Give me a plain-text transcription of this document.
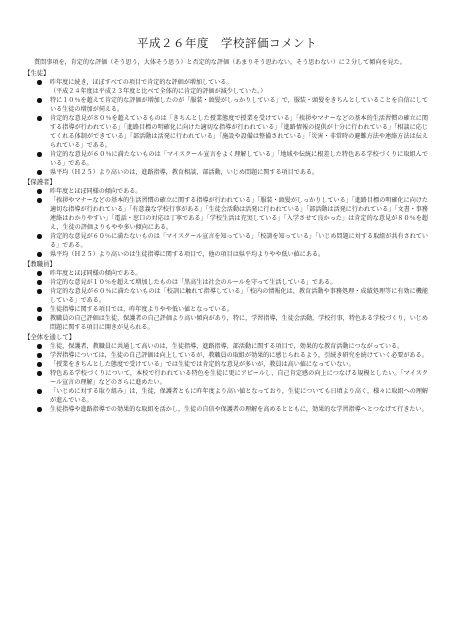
平成２６年度　学校評価コメント
質問事項を，肯定的な評価（そう思う，大体そう思う）と否定的な評価（あまりそう思わない，そう思わない）に２分して傾向を見た。
【生徒】
昨年度に続き，ほぼすべての項目で肯定的な評価が増加している。
（平成２４年度は平成２３年度と比べて全体的に肯定的評価が減少していた。）
特に１０％を超えて肯定的な評価が増加したのが「服装・頭髪がしっかりしている」で，服装・頭髪をきちんとしていることを自信にしている生徒の増加が伺える。
肯定的な意見が８０％を超えているものは「きちんとした授業態度で授業を受けている」「挨拶やマナーなどの基本的生活習慣の確立に関する指導が行われている」「進路目標の明確化に向けた適切な指導が行われている」「進路情報の提供が十分に行われている」「相談に応じてくれる体制ができている」「部活動は活発に行われている」「施設や設備は整備されている」「災害・非常時の避難方法や連絡方法は伝えられている」である。
肯定的な意見が６０％に満たないものは「マイスクール宣言をよく理解している」「地域や伝統に根差した特色ある学校づくりに取組んでいる」である。
県平均（Ｈ２５）より高いのは，進路指導，教育相談，部活動，いじめ問題に関する項目である。
【保護者】
昨年度とほぼ同様の傾向である。
「挨拶やマナーなどの基本的生活習慣の確立に関する指導が行われている」「服装・頭髪がしっかりしている」「進路目標の明確化に向けた適切な指導が行われている」「有意義な学校行事がある」「生徒会活動は活発に行われている」「部活動は活発に行われている」「文書・事務連絡はわかりやすい」「電話・窓口の対応は丁寧である」「学校生活は充実している」「入学させて良かった」は肯定的な意見が８０％を超え，生徒の評価よりもやや多い傾向にある。
肯定的な意見が６０％に満たないものは「マイスクール宣言を知っている」「校訓を知っている」「いじめ問題に対する取組が共有されている」である。
県平均（Ｈ２５）より高いのは生徒指導に関する項目で，他の項目は県平均よりやや低い値にある。
【教職員】
昨年度とほぼ同様の傾向である。
肯定的な意見が１０％を超えて増加したものは「黒高生は社会のルールを守って生活している」である。
肯定的な意見が６０％に満たないものは「校訓に触れて指導している」「校内の情報化は，教育活動や事務処理・成績処理等に有効に機能している」である。
生徒指導に関する項目では，昨年度よりやや低い値となっている。
教職員の自己評価は生徒，保護者の自己評価より高い傾向があり，特に，学習指導，生徒会活動，学校行事，特色ある学校づくり，いじめ問題に関する項目に開きが見られる。
【全体を通して】
生徒，保護者，教職員に共通して高いのは，生徒指導，進路指導，部活動に関する項目で，効果的な教育活動につながっている。
学習指導については，生徒の自己評価は向上しているが，教職員の取組が効果的に感じられるよう，引続き研究を続けていく必要がある。
「授業をきちんとした態度で受けている」では生徒では肯定的な意見が多いが，教員は高い値になっていない。
特色ある学校づくりについて，本校で行われている特色を生徒に更にアピールし，自己肯定感の向上につなげる規模としたい。「マイスクール宣言の理解」などのさらに進めたい。
「いじめに対する取り組み」は，生徒，保護者ともに昨年度より高い値となっており，生徒についても日頃より高く，様々に取組への理解が進んでいる。
生徒指導や進路指導での効果的な取組を活かし，生徒の自信や保護者の理解を高めるとともに，効果的な学習指導へとつなげて行きたい。
